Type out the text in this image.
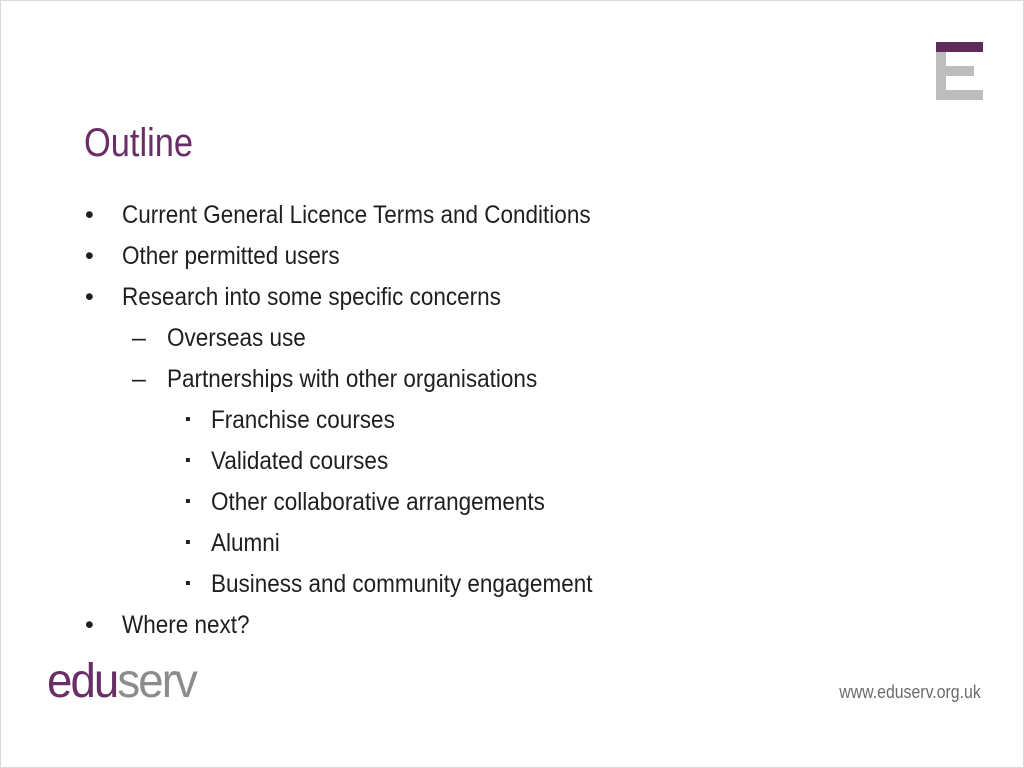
Outline
• Current General Licence Terms and Conditions
• Other permitted users
• Research into some specific concerns
– Overseas use
– Partnerships with other organisations
▪ Franchise courses
▪ Validated courses
▪ Other collaborative arrangements
▪ Alumni
▪ Business and community engagement
• Where next?
eduserv	www.eduserv.org.uk
